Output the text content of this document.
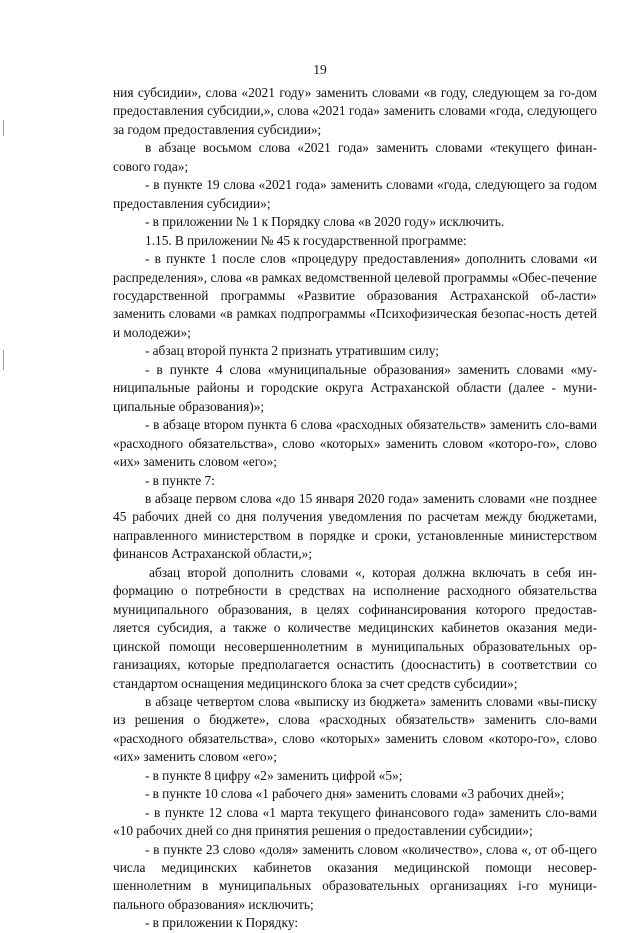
19

ния субсидии», слова «2021 году» заменить словами «в году, следующем за го-дом предоставления субсидии,», слова «2021 года» заменить словами «года, следующего за годом предоставления субсидии»;

в абзаце восьмом слова «2021 года» заменить словами «текущего финан-сового года»;

- в пункте 19 слова «2021 года» заменить словами «года, следующего за годом предоставления субсидии»;

- в приложении № 1 к Порядку слова «в 2020 году» исключить.

1.15. В приложении № 45 к государственной программе:

- в пункте 1 после слов «процедуру предоставления» дополнить словами «и распределения», слова «в рамках ведомственной целевой программы «Обес-печение государственной программы «Развитие образования Астраханской об-ласти» заменить словами «в рамках подпрограммы «Психофизическая безопас-ность детей и молодежи»;

- абзац второй пункта 2 признать утратившим силу;

- в пункте 4 слова «муниципальные образования» заменить словами «му-ниципальные районы и городские округа Астраханской области (далее - муни-ципальные образования)»;

- в абзаце втором пункта 6 слова «расходных обязательств» заменить сло-вами «расходного обязательства», слово «которых» заменить словом «которо-го», слово «их» заменить словом «его»;

- в пункте 7:

в абзаце первом слова «до 15 января 2020 года» заменить словами «не позднее 45 рабочих дней со дня получения уведомления по расчетам между бюджетами, направленного министерством в порядке и сроки, установленные министерством финансов Астраханской области,»;

абзац второй дополнить словами «, которая должна включать в себя ин-формацию о потребности в средствах на исполнение расходного обязательства муниципального образования, в целях софинансирования которого предостав-ляется субсидия, а также о количестве медицинских кабинетов оказания меди-цинской помощи несовершеннолетним в муниципальных образовательных ор-ганизациях, которые предполагается оснастить (дооснастить) в соответствии со стандартом оснащения медицинского блока за счет средств субсидии»;

в абзаце четвертом слова «выписку из бюджета» заменить словами «вы-писку из решения о бюджете», слова «расходных обязательств» заменить сло-вами «расходного обязательства», слово «которых» заменить словом «которо-го», слово «их» заменить словом «его»;

- в пункте 8 цифру «2» заменить цифрой «5»;

- в пункте 10 слова «1 рабочего дня» заменить словами «3 рабочих дней»;

- в пункте 12 слова «1 марта текущего финансового года» заменить сло-вами «10 рабочих дней со дня принятия решения о предоставлении субсидии»;

- в пункте 23 слово «доля» заменить словом «количество», слова «, от об-щего числа медицинских кабинетов оказания медицинской помощи несовер-шеннолетним в муниципальных образовательных организациях i-го муници-пального образования» исключить;

- в приложении к Порядку:
